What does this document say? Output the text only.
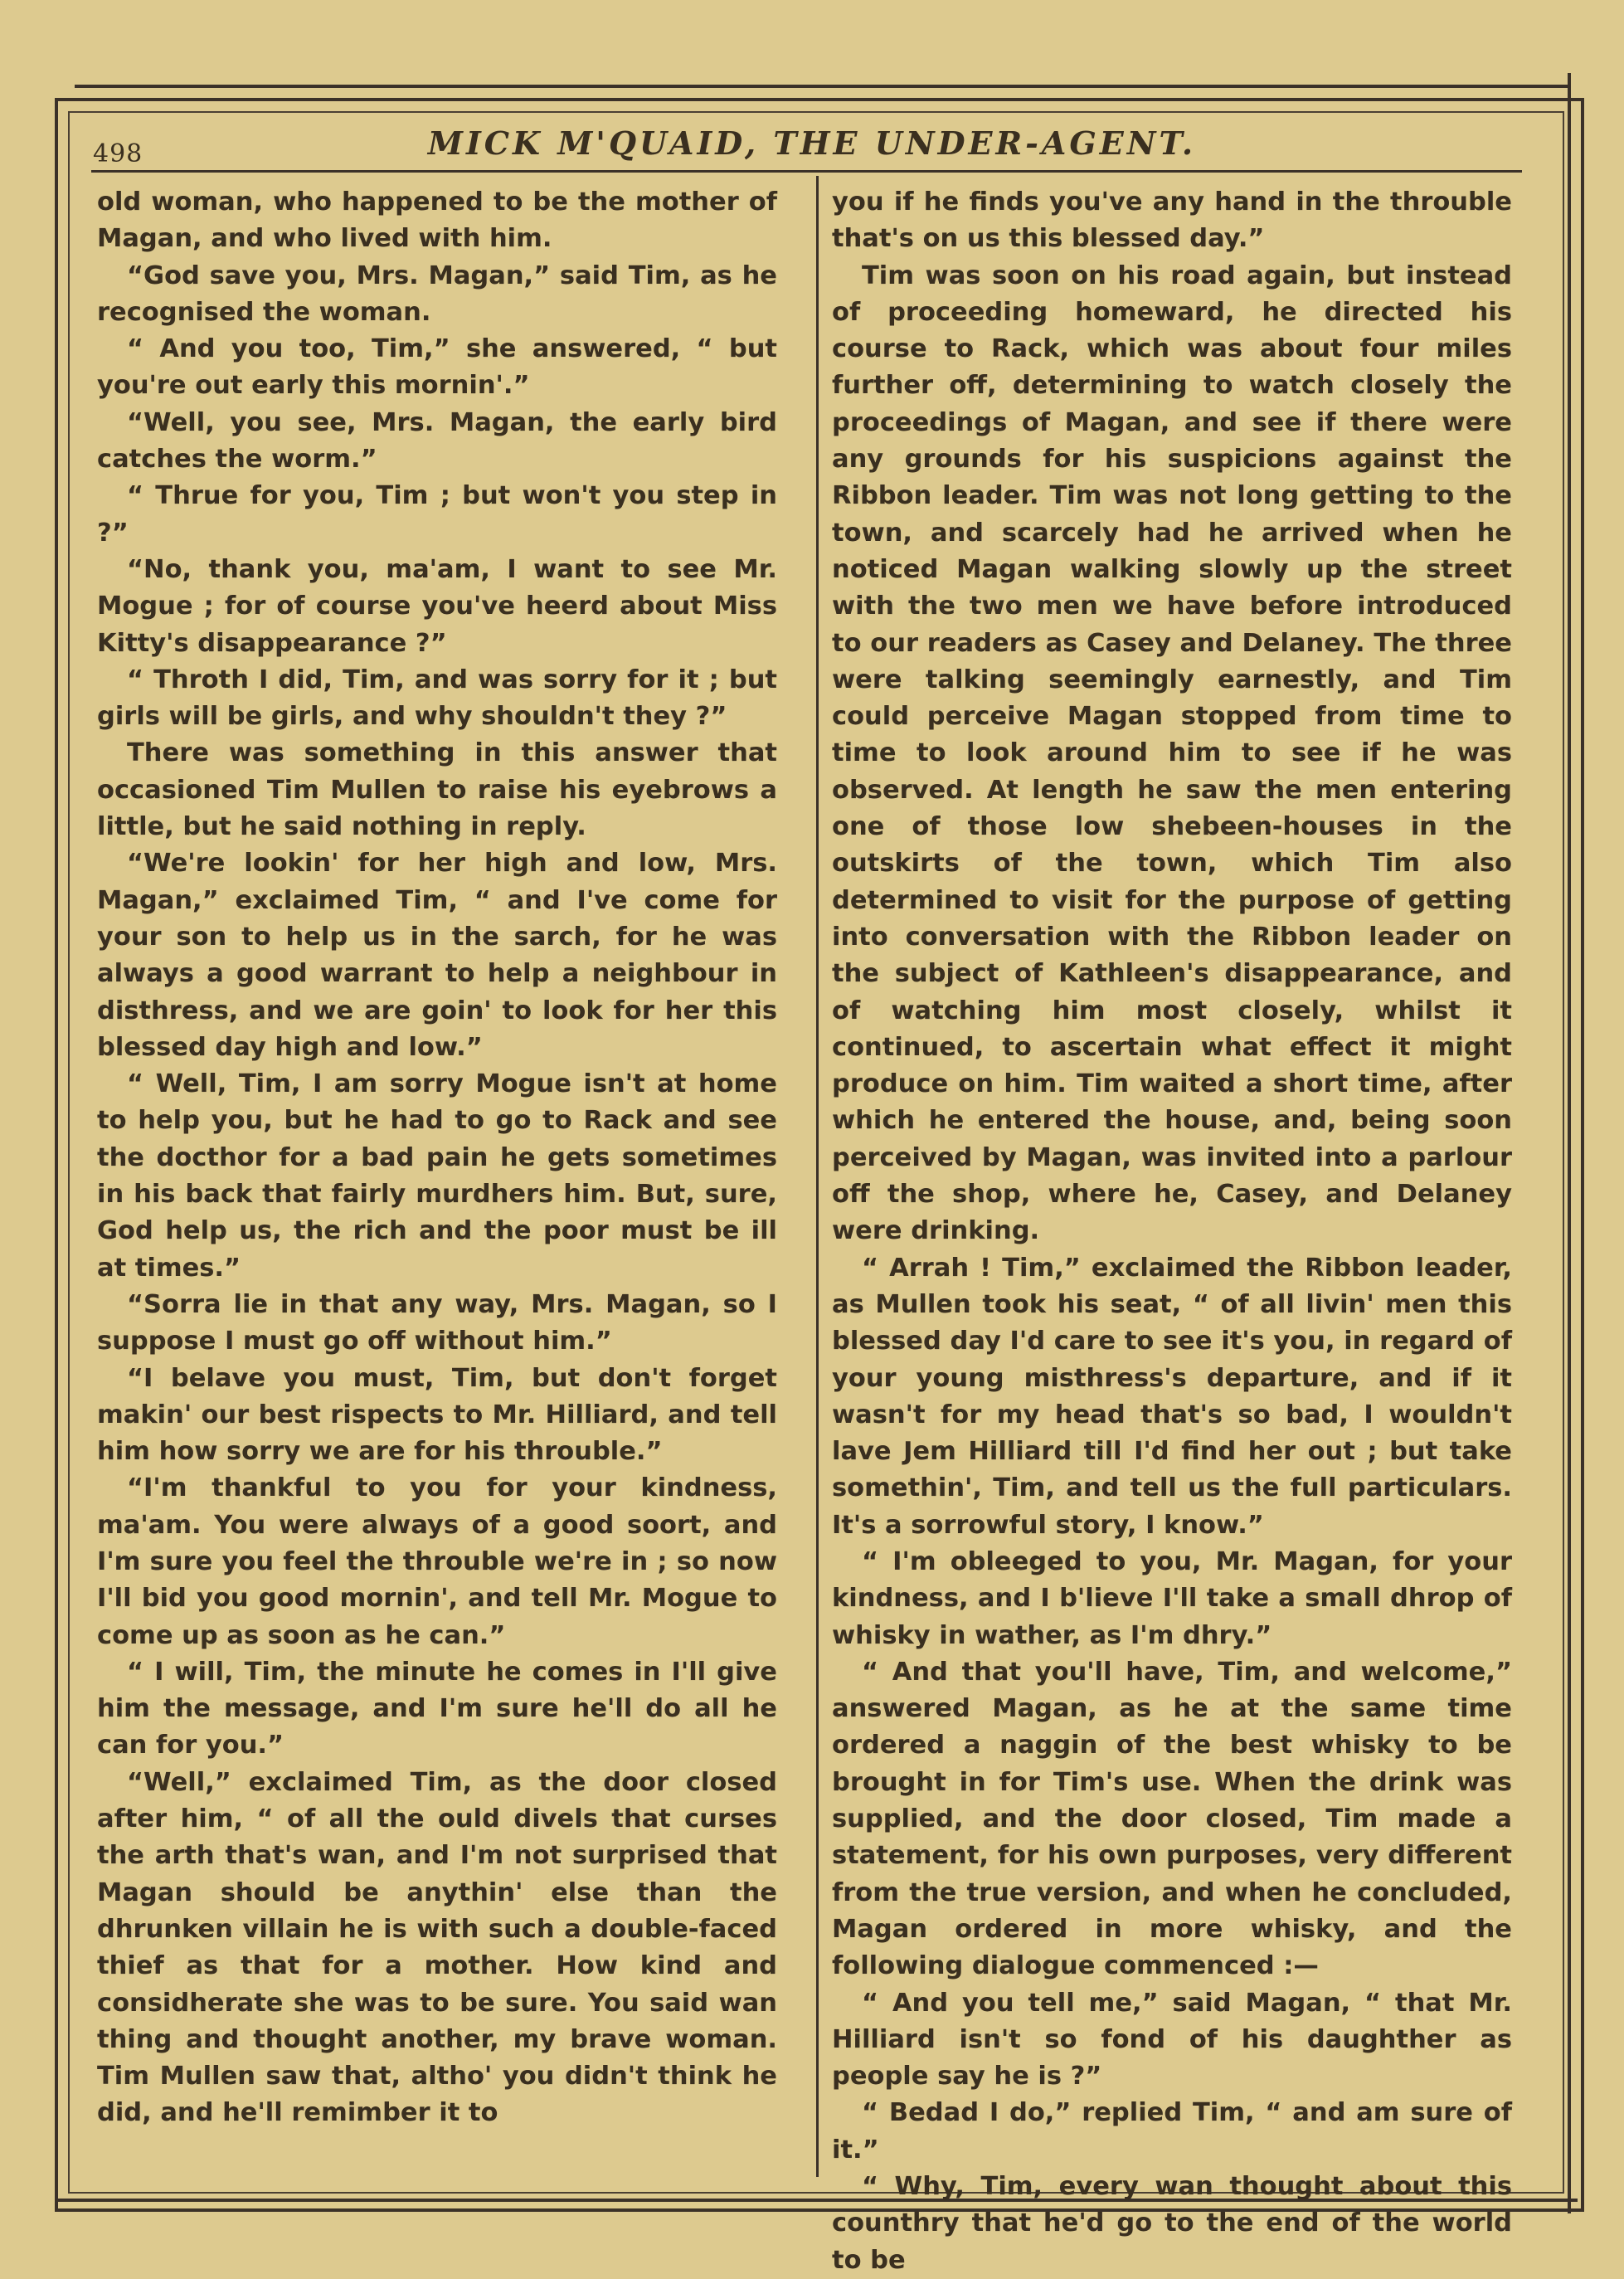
498	MICK M'QUAID, THE UNDER-AGENT.

old woman, who happened to be the mother of Magan, and who lived with him.

“God save you, Mrs. Magan,” said Tim, as he recognised the woman.

“ And you too, Tim,” she answered, “ but you're out early this mornin'.”

“Well, you see, Mrs. Magan, the early bird catches the worm.”

“ Thrue for you, Tim ; but won't you step in ?”

“No, thank you, ma'am, I want to see Mr. Mogue ; for of course you've heerd about Miss Kitty's disappearance ?”

“ Throth I did, Tim, and was sorry for it ; but girls will be girls, and why shouldn't they ?”

There was something in this answer that occasioned Tim Mullen to raise his eyebrows a little, but he said nothing in reply.

“We're lookin' for her high and low, Mrs. Magan,” exclaimed Tim, “ and I've come for your son to help us in the sarch, for he was always a good warrant to help a neighbour in disthress, and we are goin' to look for her this blessed day high and low.”

“ Well, Tim, I am sorry Mogue isn't at home to help you, but he had to go to Rack and see the docthor for a bad pain he gets sometimes in his back that fairly murdhers him. But, sure, God help us, the rich and the poor must be ill at times.”

“Sorra lie in that any way, Mrs. Magan, so I suppose I must go off without him.”

“I belave you must, Tim, but don't forget makin' our best rispects to Mr. Hilliard, and tell him how sorry we are for his throuble.”

“I'm thankful to you for your kindness, ma'am. You were always of a good soort, and I'm sure you feel the throuble we're in ; so now I'll bid you good mornin', and tell Mr. Mogue to come up as soon as he can.”

“ I will, Tim, the minute he comes in I'll give him the message, and I'm sure he'll do all he can for you.”

“Well,” exclaimed Tim, as the door closed after him, “ of all the ould divels that curses the arth that's wan, and I'm not surprised that Magan should be anythin' else than the dhrunken villain he is with such a double-faced thief as that for a mother. How kind and considherate she was to be sure. You said wan thing and thought another, my brave woman. Tim Mullen saw that, altho' you didn't think he did, and he'll remimber it to

you if he finds you've any hand in the throuble that's on us this blessed day.”

Tim was soon on his road again, but instead of proceeding homeward, he directed his course to Rack, which was about four miles further off, determining to watch closely the proceedings of Magan, and see if there were any grounds for his suspicions against the Ribbon leader. Tim was not long getting to the town, and scarcely had he arrived when he noticed Magan walking slowly up the street with the two men we have before introduced to our readers as Casey and Delaney. The three were talking seemingly earnestly, and Tim could perceive Magan stopped from time to time to look around him to see if he was observed. At length he saw the men entering one of those low shebeen-houses in the outskirts of the town, which Tim also determined to visit for the purpose of getting into conversation with the Ribbon leader on the subject of Kathleen's disappearance, and of watching him most closely, whilst it continued, to ascertain what effect it might produce on him. Tim waited a short time, after which he entered the house, and, being soon perceived by Magan, was invited into a parlour off the shop, where he, Casey, and Delaney were drinking.

“ Arrah ! Tim,” exclaimed the Ribbon leader, as Mullen took his seat, “ of all livin' men this blessed day I'd care to see it's you, in regard of your young misthress's departure, and if it wasn't for my head that's so bad, I wouldn't lave Jem Hilliard till I'd find her out ; but take somethin', Tim, and tell us the full particulars. It's a sorrowful story, I know.”

“ I'm obleeged to you, Mr. Magan, for your kindness, and I b'lieve I'll take a small dhrop of whisky in wather, as I'm dhry.”

“ And that you'll have, Tim, and welcome,” answered Magan, as he at the same time ordered a naggin of the best whisky to be brought in for Tim's use. When the drink was supplied, and the door closed, Tim made a statement, for his own purposes, very different from the true version, and when he concluded, Magan ordered in more whisky, and the following dialogue commenced :—

“ And you tell me,” said Magan, “ that Mr. Hilliard isn't so fond of his daughther as people say he is ?”

“ Bedad I do,” replied Tim, “ and am sure of it.”

“ Why, Tim, every wan thought about this counthry that he'd go to the end of the world to be
